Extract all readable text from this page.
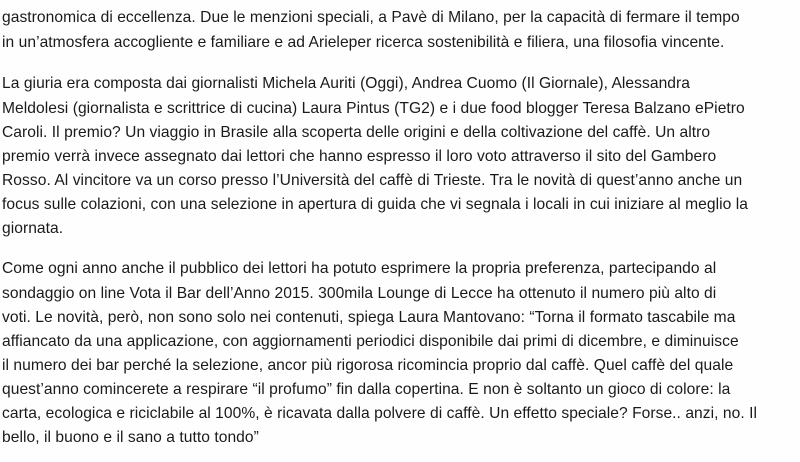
gastronomica di eccellenza. Due le menzioni speciali, a Pavè di Milano, per la capacità di fermare il tempo
in un’atmosfera accogliente e familiare e ad Arieleper ricerca sostenibilità e filiera, una filosofia vincente.
La giuria era composta dai giornalisti Michela Auriti (Oggi), Andrea Cuomo (Il Giornale), Alessandra
Meldolesi (giornalista e scrittrice di cucina) Laura Pintus (TG2) e i due food blogger Teresa Balzano ePietro
Caroli. Il premio? Un viaggio in Brasile alla scoperta delle origini e della coltivazione del caffè. Un altro
premio verrà invece assegnato dai lettori che hanno espresso il loro voto attraverso il sito del Gambero
Rosso. Al vincitore va un corso presso l’Università del caffè di Trieste. Tra le novità di quest’anno anche un
focus sulle colazioni, con una selezione in apertura di guida che vi segnala i locali in cui iniziare al meglio la
giornata.
Come ogni anno anche il pubblico dei lettori ha potuto esprimere la propria preferenza, partecipando al
sondaggio on line Vota il Bar dell’Anno 2015. 300mila Lounge di Lecce ha ottenuto il numero più alto di
voti. Le novità, però, non sono solo nei contenuti, spiega Laura Mantovano: “Torna il formato tascabile ma
affiancato da una applicazione, con aggiornamenti periodici disponibile dai primi di dicembre, e diminuisce
il numero dei bar perché la selezione, ancor più rigorosa ricomincia proprio dal caffè. Quel caffè del quale
quest’anno comincerete a respirare “il profumo” fin dalla copertina. E non è soltanto un gioco di colore: la
carta, ecologica e riciclabile al 100%, è ricavata dalla polvere di caffè. Un effetto speciale? Forse.. anzi, no. Il
bello, il buono e il sano a tutto tondo”
